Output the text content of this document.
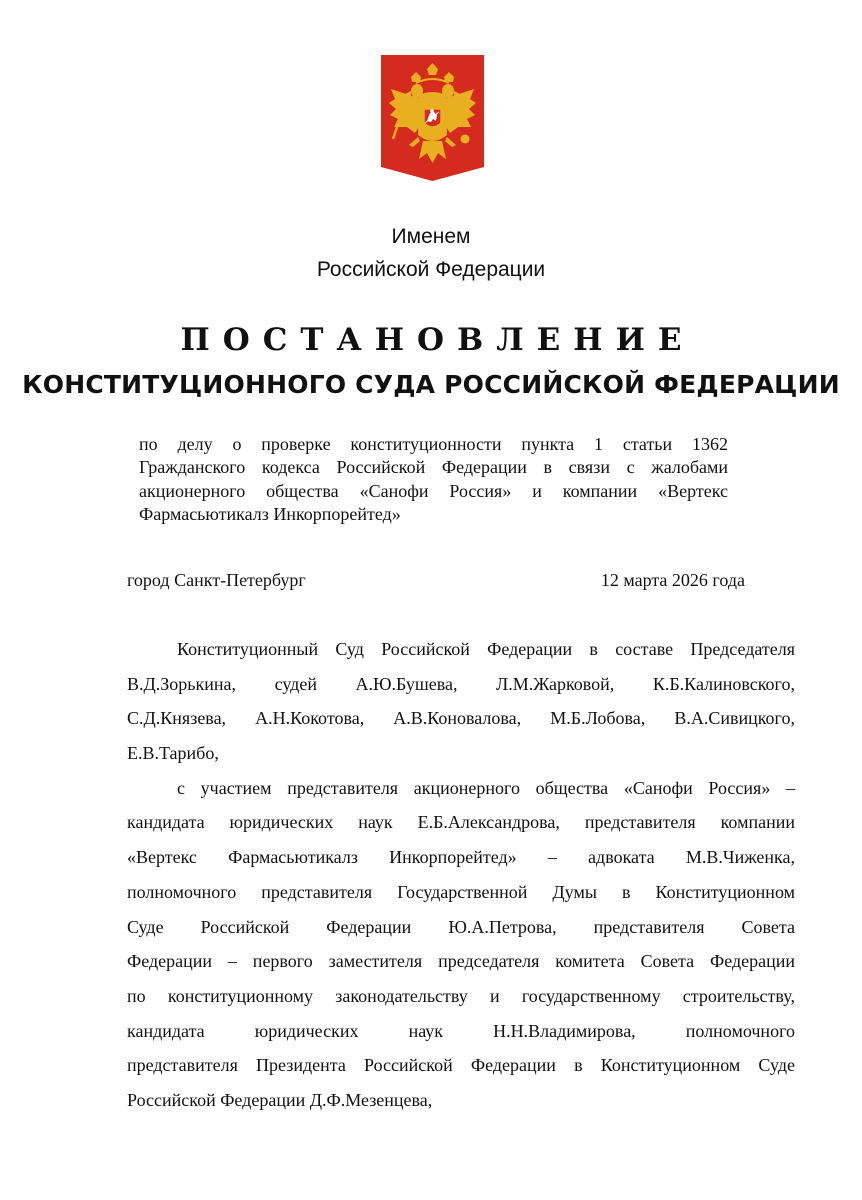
Именем
Российской Федерации
ПОСТАНОВЛЕНИЕ
КОНСТИТУЦИОННОГО СУДА РОССИЙСКОЙ ФЕДЕРАЦИИ
по делу о проверке конституционности пункта 1 статьи 1362
Гражданского кодекса Российской Федерации в связи с жалобами
акционерного общества «Санофи Россия» и компании «Вертекс
Фармасьютикалз Инкорпорейтед»
город Санкт-Петербург	12 марта 2026 года
Конституционный Суд Российской Федерации в составе Председателя
В.Д.Зорькина, судей А.Ю.Бушева, Л.М.Жарковой, К.Б.Калиновского,
С.Д.Князева, А.Н.Кокотова, А.В.Коновалова, М.Б.Лобова, В.А.Сивицкого,
Е.В.Тарибо,
с участием представителя акционерного общества «Санофи Россия» –
кандидата юридических наук Е.Б.Александрова, представителя компании
«Вертекс Фармасьютикалз Инкорпорейтед» – адвоката М.В.Чиженка,
полномочного представителя Государственной Думы в Конституционном
Суде Российской Федерации Ю.А.Петрова, представителя Совета
Федерации – первого заместителя председателя комитета Совета Федерации
по конституционному законодательству и государственному строительству,
кандидата юридических наук Н.Н.Владимирова, полномочного
представителя Президента Российской Федерации в Конституционном Суде
Российской Федерации Д.Ф.Мезенцева,
